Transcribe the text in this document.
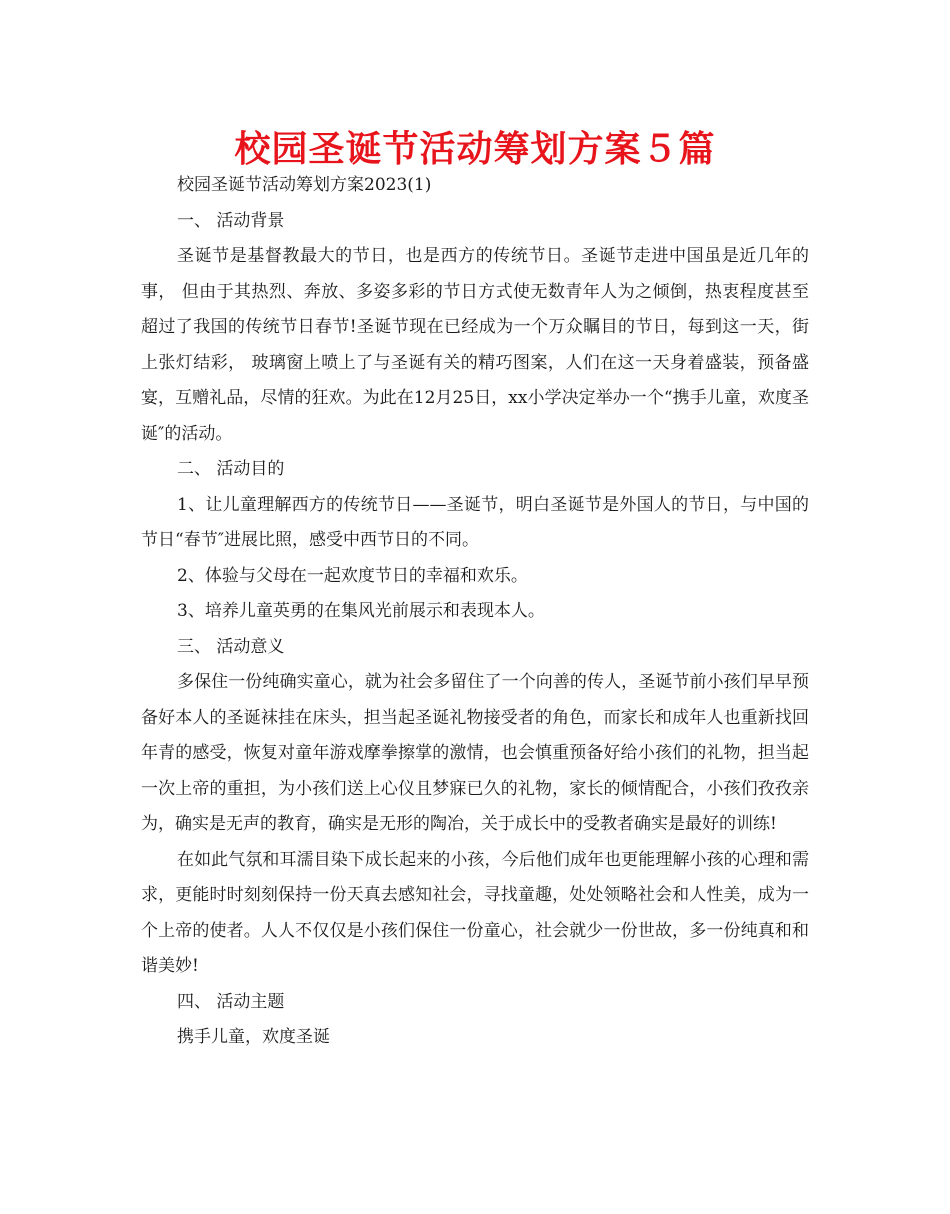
校园圣诞节活动筹划方案５篇

校园圣诞节活动筹划方案2023(1)

一、 活动背景

圣诞节是基督教最大的节日，也是西方的传统节日。圣诞节走进中国虽是近几年的事， 但由于其热烈、奔放、多姿多彩的节日方式使无数青年人为之倾倒，热衷程度甚至超过了我国的传统节日春节!圣诞节现在已经成为一个万众瞩目的节日，每到这一天，街上张灯结彩， 玻璃窗上喷上了与圣诞有关的精巧图案，人们在这一天身着盛装，预备盛宴，互赠礼品，尽情的狂欢。为此在12月25日，xx小学决定举办一个“携手儿童，欢度圣诞″的活动。

二、 活动目的

1、让儿童理解西方的传统节日——圣诞节，明白圣诞节是外国人的节日，与中国的节日“春节″进展比照，感受中西节日的不同。

2、体验与父母在一起欢度节日的幸福和欢乐。

3、培养儿童英勇的在集风光前展示和表现本人。

三、 活动意义

多保住一份纯确实童心，就为社会多留住了一个向善的传人，圣诞节前小孩们早早预备好本人的圣诞袜挂在床头，担当起圣诞礼物接受者的角色，而家长和成年人也重新找回年青的感受，恢复对童年游戏摩拳擦掌的激情，也会慎重预备好给小孩们的礼物，担当起一次上帝的重担，为小孩们送上心仪且梦寐已久的礼物，家长的倾情配合，小孩们孜孜亲为，确实是无声的教育，确实是无形的陶冶，关于成长中的受教者确实是最好的训练!

在如此气氛和耳濡目染下成长起来的小孩，今后他们成年也更能理解小孩的心理和需求，更能时时刻刻保持一份天真去感知社会，寻找童趣，处处领略社会和人性美，成为一个上帝的使者。人人不仅仅是小孩们保住一份童心，社会就少一份世故，多一份纯真和和谐美妙!

四、 活动主题

携手儿童，欢度圣诞
